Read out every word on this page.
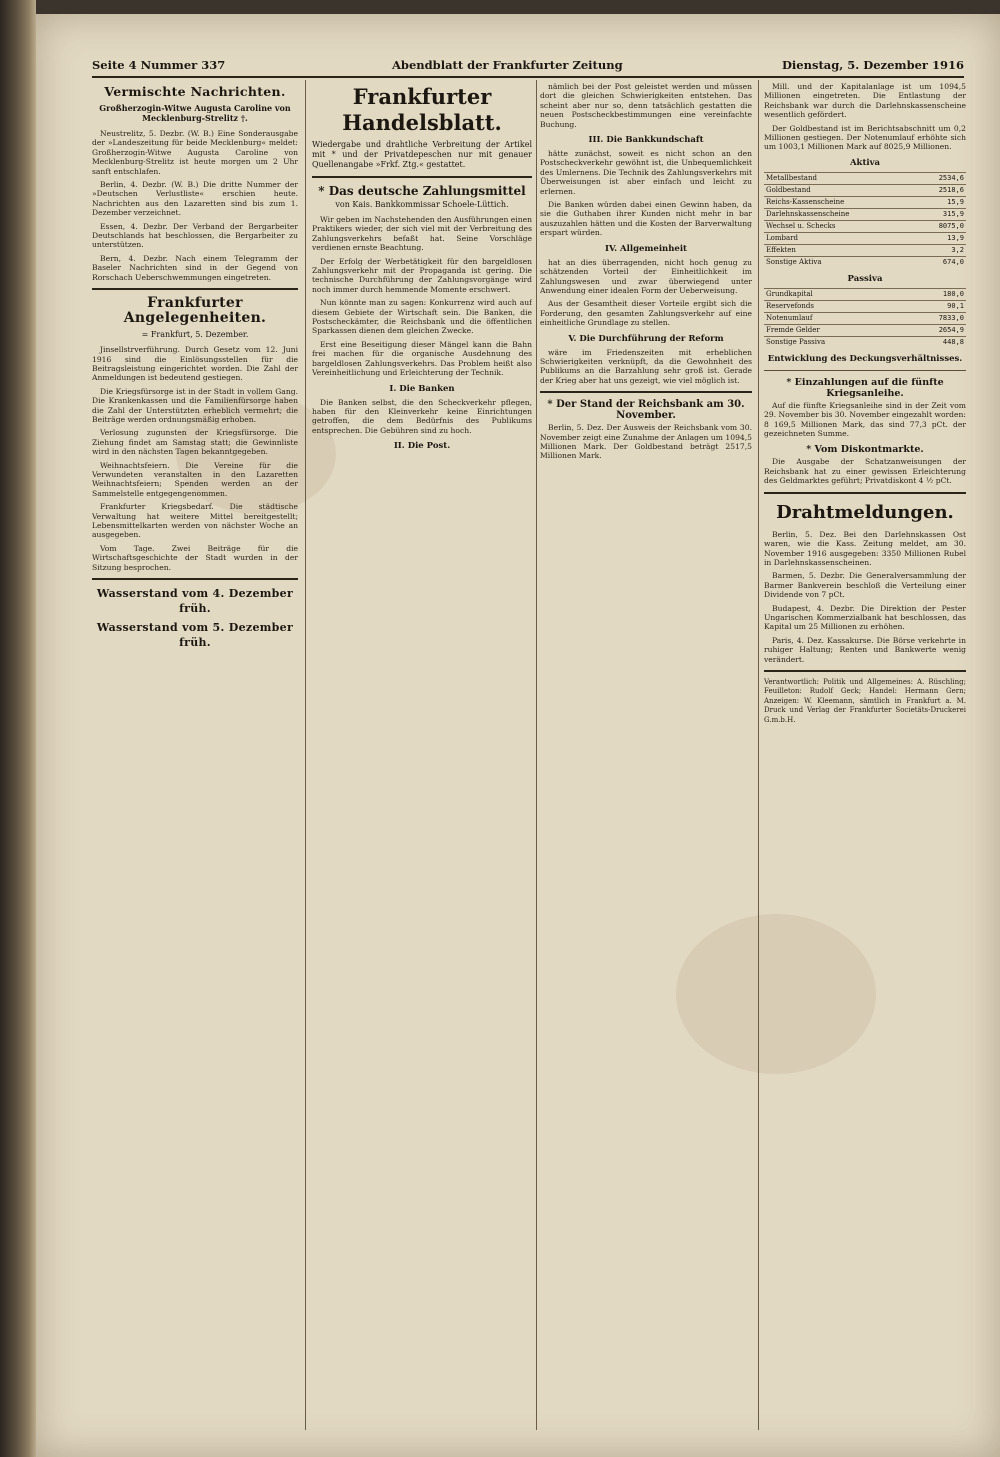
Seite 4 Nummer 337	Abendblatt der Frankfurter Zeitung	Dienstag, 5. Dezember 1916
Vermischte Nachrichten.
Großherzogin-Witwe Augusta Caroline von Mecklenburg-Strelitz †.

Neustrelitz, 5. Dezbr. (W. B.) Eine Sonderausgabe der »Landeszeitung für beide Mecklenburg« meldet: Großherzogin-Witwe Augusta Caroline von Mecklenburg-Strelitz ist heute morgen um 2 Uhr sanft entschlafen.

Berlin, 4. Dezbr. (W. B.) Die dritte Nummer der »Deutschen Verlustliste« erschien heute. Nachrichten aus den Lazaretten sind bis zum 1. Dezember verzeichnet.

Essen, 4. Dezbr. Der Verband der Bergarbeiter Deutschlands hat beschlossen, die Bergarbeiter zu unterstützen.

Bern, 4. Dezbr. Nach einem Telegramm der Baseler Nachrichten sind in der Gegend von Rorschach Ueberschwemmungen eingetreten.

Frankfurter Angelegenheiten.
= Frankfurt, 5. Dezember.

Jinsellstrverführung. Durch Gesetz vom 12. Juni 1916 sind die Einlösungsstellen für die Beitragsleistung eingerichtet worden. Die Zahl der Anmeldungen ist bedeutend gestiegen.

Die Kriegsfürsorge ist in der Stadt in vollem Gang. Die Krankenkassen und die Familienfürsorge haben die Zahl der Unterstützten erheblich vermehrt; die Beiträge werden ordnungsmäßig erhoben.

Verlosung zugunsten der Kriegsfürsorge. Die Ziehung findet am Samstag statt; die Gewinnliste wird in den nächsten Tagen bekanntgegeben.

Weihnachtsfeiern. Die Vereine für die Verwundeten veranstalten in den Lazaretten Weihnachtsfeiern; Spenden werden an der Sammelstelle entgegengenommen.

Frankfurter Kriegsbedarf. Die städtische Verwaltung hat weitere Mittel bereitgestellt; Lebensmittelkarten werden von nächster Woche an ausgegeben.

Vom Tage. Zwei Beiträge für die Wirtschaftsgeschichte der Stadt wurden in der Sitzung besprochen.

Wasserstand vom 4. Dezember früh.
Wasserstand vom 5. Dezember früh.
Frankfurter Handelsblatt.
Wiedergabe und drahtliche Verbreitung der Artikel mit * und der Privatdepeschen nur mit genauer Quellenangabe »Frkf. Ztg.« gestattet.
* Das deutsche Zahlungsmittel
von Kais. Bankkommissar Schoele-Lüttich.

Wir geben im Nachstehenden den Ausführungen einen Praktikers wieder, der sich viel mit der Verbreitung des Zahlungsverkehrs befaßt hat. Seine Vorschläge verdienen ernste Beachtung.

Der Erfolg der Werbetätigkeit für den bargeldlosen Zahlungsverkehr mit der Propaganda ist gering. Die technische Durchführung der Zahlungsvorgänge wird noch immer durch hemmende Momente erschwert.

Nun könnte man zu sagen: Konkurrenz wird auch auf diesem Gebiete der Wirtschaft sein. Die Banken, die Postscheckämter, die Reichsbank und die öffentlichen Sparkassen dienen dem gleichen Zwecke.

Erst eine Beseitigung dieser Mängel kann die Bahn frei machen für die organische Ausdehnung des bargeldlosen Zahlungsverkehrs. Das Problem heißt also Vereinheitlichung und Erleichterung der Technik.

I. Die Banken

Die Banken selbst, die den Scheckverkehr pflegen, haben für den Kleinverkehr keine Einrichtungen getroffen, die dem Bedürfnis des Publikums entsprechen. Die Gebühren sind zu hoch.

II. Die Post.

nämlich bei der Post geleistet werden und müssen dort die gleichen Schwierigkeiten entstehen. Das scheint aber nur so, denn tatsächlich gestatten die neuen Postscheckbestimmungen eine vereinfachte Buchung.

III. Die Bankkundschaft

hätte zunächst, soweit es nicht schon an den Postscheckverkehr gewöhnt ist, die Unbequemlichkeit des Umlernens. Die Technik des Zahlungsverkehrs mit Überweisungen ist aber einfach und leicht zu erlernen.

Die Banken würden dabei einen Gewinn haben, da sie die Guthaben ihrer Kunden nicht mehr in bar auszuzahlen hätten und die Kosten der Barverwaltung erspart würden.

IV. Allgemeinheit

hat an dies überragenden, nicht hoch genug zu schätzenden Vorteil der Einheitlichkeit im Zahlungswesen und zwar überwiegend unter Anwendung einer idealen Form der Ueberweisung.

Aus der Gesamtheit dieser Vorteile ergibt sich die Forderung, den gesamten Zahlungsverkehr auf eine einheitliche Grundlage zu stellen.

V. Die Durchführung der Reform

wäre im Friedenszeiten mit erheblichen Schwierigkeiten verknüpft, da die Gewohnheit des Publikums an die Barzahlung sehr groß ist. Gerade der Krieg aber hat uns gezeigt, wie viel möglich ist.

* Der Stand der Reichsbank am 30. November.

Berlin, 5. Dez. Der Ausweis der Reichsbank vom 30. November zeigt eine Zunahme der Anlagen um 1094,5 Millionen Mark. Der Goldbestand beträgt 2517,5 Millionen Mark.

Mill. und der Kapitalanlage ist um 1094,5 Millionen eingetreten. Die Entlastung der Reichsbank war durch die Darlehnskassenscheine wesentlich gefördert.

Der Goldbestand ist im Berichtsabschnitt um 0,2 Millionen gestiegen. Der Notenumlauf erhöhte sich um 1003,1 Millionen Mark auf 8025,9 Millionen.

Aktiva
Metallbestand	2534,6
Goldbestand	2518,6
Reichs-Kassenscheine	15,9
Darlehnskassenscheine	315,9
Wechsel u. Schecks	8075,0
Lombard	13,9
Effekten	3,2
Sonstige Aktiva	674,0
Passiva
Grundkapital	180,0
Reservefonds	90,1
Notenumlauf	7833,0
Fremde Gelder	2654,9
Sonstige Passiva	448,8
Entwicklung des Deckungsverhältnisses.
* Einzahlungen auf die fünfte Kriegsanleihe.

Auf die fünfte Kriegsanleihe sind in der Zeit vom 29. November bis 30. November eingezahlt worden: 8 169,5 Millionen Mark, das sind 77,3 pCt. der gezeichneten Summe.

* Vom Diskontmarkte.

Die Ausgabe der Schatzanweisungen der Reichsbank hat zu einer gewissen Erleichterung des Geldmarktes geführt; Privatdiskont 4 ½ pCt.

Drahtmeldungen.

Berlin, 5. Dez. Bei den Darlehnskassen Ost waren, wie die Kass. Zeitung meldet, am 30. November 1916 ausgegeben: 3350 Millionen Rubel in Darlehnskassenscheinen.

Barmen, 5. Dezbr. Die Generalversammlung der Barmer Bankverein beschloß die Verteilung einer Dividende von 7 pCt.

Budapest, 4. Dezbr. Die Direktion der Pester Ungarischen Kommerzialbank hat beschlossen, das Kapital um 25 Millionen zu erhöhen.

Paris, 4. Dez. Kassakurse. Die Börse verkehrte in ruhiger Haltung; Renten und Bankwerte wenig verändert.

Verantwortlich: Politik und Allgemeines: A. Rüschling; Feuilleton: Rudolf Geck; Handel: Hermann Gern; Anzeigen: W. Kleemann, sämtlich in Frankfurt a. M. Druck und Verlag der Frankfurter Societäts-Druckerei G.m.b.H.
